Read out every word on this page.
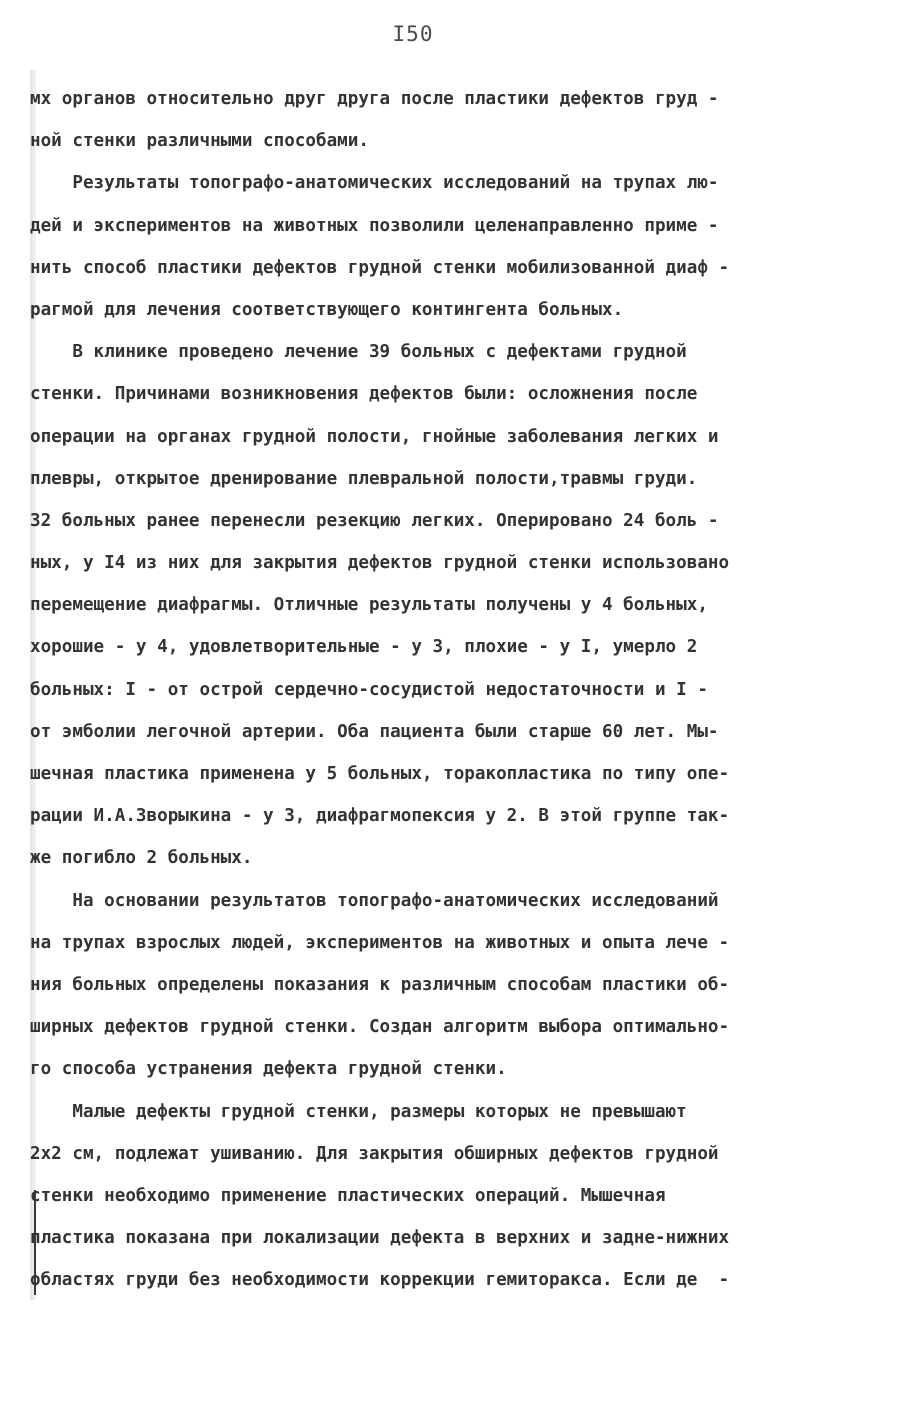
I50
мх органов относительно друг друга после пластики дефектов груд -
ной стенки различными способами.
Результаты топографо-анатомических исследований на трупах лю-
дей и экспериментов на животных позволили целенаправленно приме -
нить способ пластики дефектов грудной стенки мобилизованной диаф -
рагмой для лечения соответствующего контингента больных.
В клинике проведено лечение 39 больных с дефектами грудной
стенки. Причинами возникновения дефектов были: осложнения после
операции на органах грудной полости, гнойные заболевания легких и
плевры, открытое дренирование плевральной полости,травмы груди.
32 больных ранее перенесли резекцию легких. Оперировано 24 боль -
ных, у I4 из них для закрытия дефектов грудной стенки использовано
перемещение диафрагмы. Отличные результаты получены у 4 больных,
хорошие - у 4, удовлетворительные - у 3, плохие - у I, умерло 2
больных: I - от острой сердечно-сосудистой недостаточности и I -
от эмболии легочной артерии. Оба пациента были старше 60 лет. Мы-
шечная пластика применена у 5 больных, торакопластика по типу опе-
рации И.А.Зворыкина - у 3, диафрагмопексия у 2. В этой группе так-
же погибло 2 больных.
На основании результатов топографо-анатомических исследований
на трупах взрослых людей, экспериментов на животных и опыта лече -
ния больных определены показания к различным способам пластики об-
ширных дефектов грудной стенки. Создан алгоритм выбора оптимально-
го способа устранения дефекта грудной стенки.
Малые дефекты грудной стенки, размеры которых не превышают
2х2 см, подлежат ушиванию. Для закрытия обширных дефектов грудной
стенки необходимо применение пластических операций. Мышечная
пластика показана при локализации дефекта в верхних и задне-нижних
областях груди без необходимости коррекции гемиторакса. Если де  -
